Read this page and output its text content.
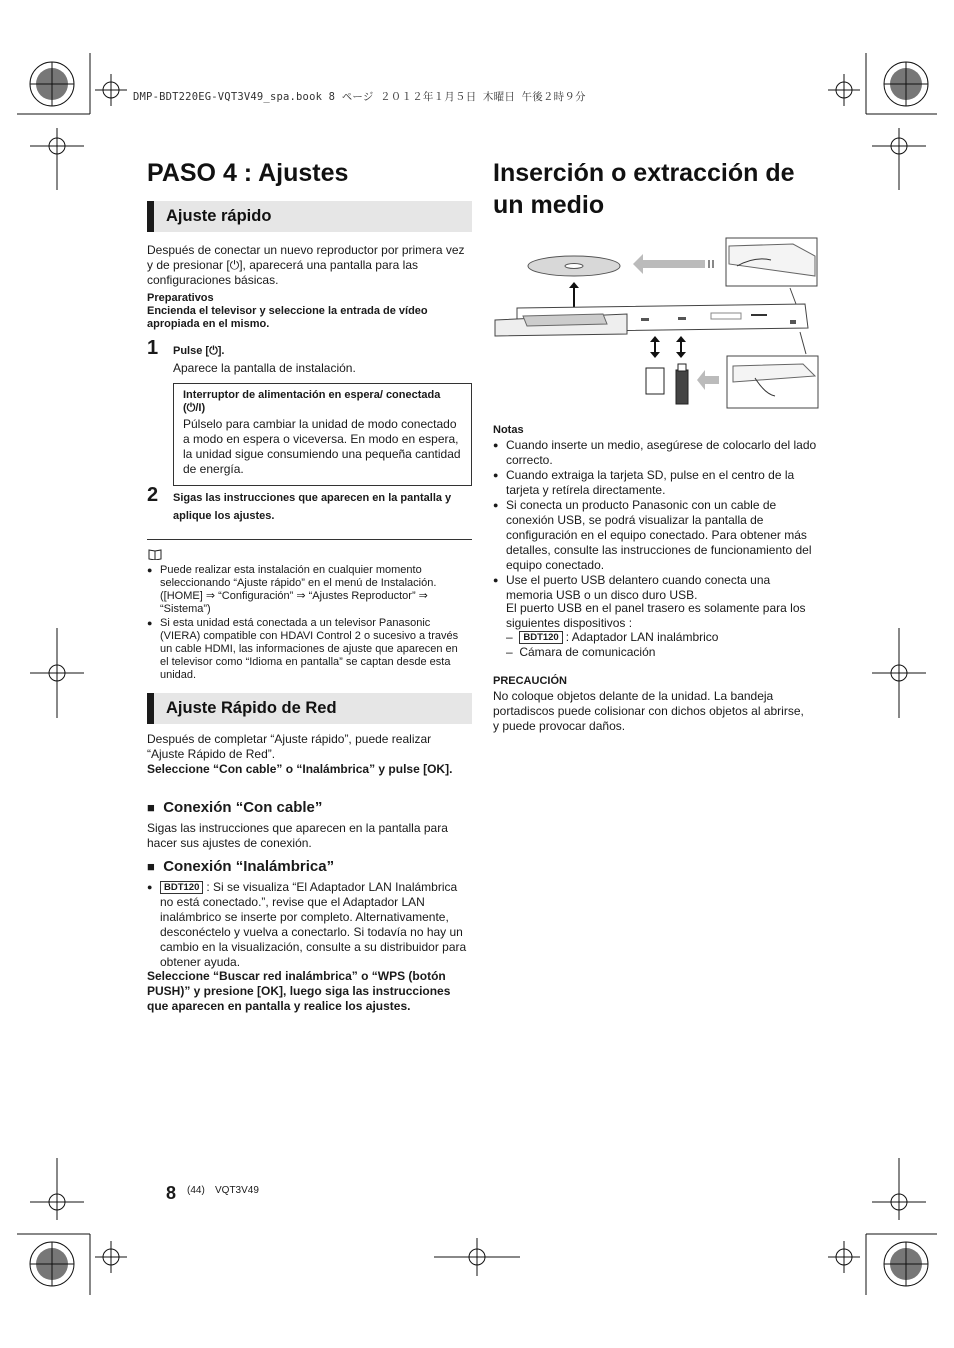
DMP-BDT220EG-VQT3V49_spa.book 8 ページ ２０１２年１月５日 木曜日 午後２時９分
PASO 4 : Ajustes
Ajuste rápido
Después de conectar un nuevo reproductor por primera vez y de presionar [⏻], aparecerá una pantalla para las configuraciones básicas.
Preparativos
Encienda el televisor y seleccione la entrada de vídeo apropiada en el mismo.
1 Pulse [⏻].
Aparece la pantalla de instalación.
Interruptor de alimentación en espera/ conectada (⏻/I)
Púlselo para cambiar la unidad de modo conectado a modo en espera o viceversa. En modo en espera, la unidad sigue consumiendo una pequeña cantidad de energía.
2 Sigas las instrucciones que aparecen en la pantalla y aplique los ajustes.
● Puede realizar esta instalación en cualquier momento seleccionando “Ajuste rápido” en el menú de Instalación. ([HOME] ⇒ “Configuración” ⇒ “Ajustes Reproductor” ⇒ “Sistema”)
● Si esta unidad está conectada a un televisor Panasonic (VIERA) compatible con HDAVI Control 2 o sucesivo a través un cable HDMI, las informaciones de ajuste que aparecen en el televisor como “Idioma en pantalla” se captan desde esta unidad.
Ajuste Rápido de Red
Después de completar “Ajuste rápido”, puede realizar “Ajuste Rápido de Red”.
Seleccione “Con cable” o “Inalámbrica” y pulse [OK].
■ Conexión “Con cable”
Sigas las instrucciones que aparecen en la pantalla para hacer sus ajustes de conexión.
■ Conexión “Inalámbrica”
● BDT120 : Si se visualiza “El Adaptador LAN Inalámbrica no está conectado.”, revise que el Adaptador LAN inalámbrico se inserte por completo. Alternativamente, desconéctelo y vuelva a conectarlo. Si todavía no hay un cambio en la visualización, consulte a su distribuidor para obtener ayuda.
Seleccione “Buscar red inalámbrica” o “WPS (botón PUSH)” y presione [OK], luego siga las instrucciones que aparecen en pantalla y realice los ajustes.
Inserción o extracción de un medio
Notas
● Cuando inserte un medio, asegúrese de colocarlo del lado correcto.
● Cuando extraiga la tarjeta SD, pulse en el centro de la tarjeta y retírela directamente.
● Si conecta un producto Panasonic con un cable de conexión USB, se podrá visualizar la pantalla de configuración en el equipo conectado. Para obtener más detalles, consulte las instrucciones de funcionamiento del equipo conectado.
● Use el puerto USB delantero cuando conecta una memoria USB o un disco duro USB.
El puerto USB en el panel trasero es solamente para los siguientes dispositivos :
–  BDT120 : Adaptador LAN inalámbrico
–  Cámara de comunicación
PRECAUCIÓN
No coloque objetos delante de la unidad. La bandeja portadiscos puede colisionar con dichos objetos al abrirse, y puede provocar daños.
8 (44) VQT3V49
